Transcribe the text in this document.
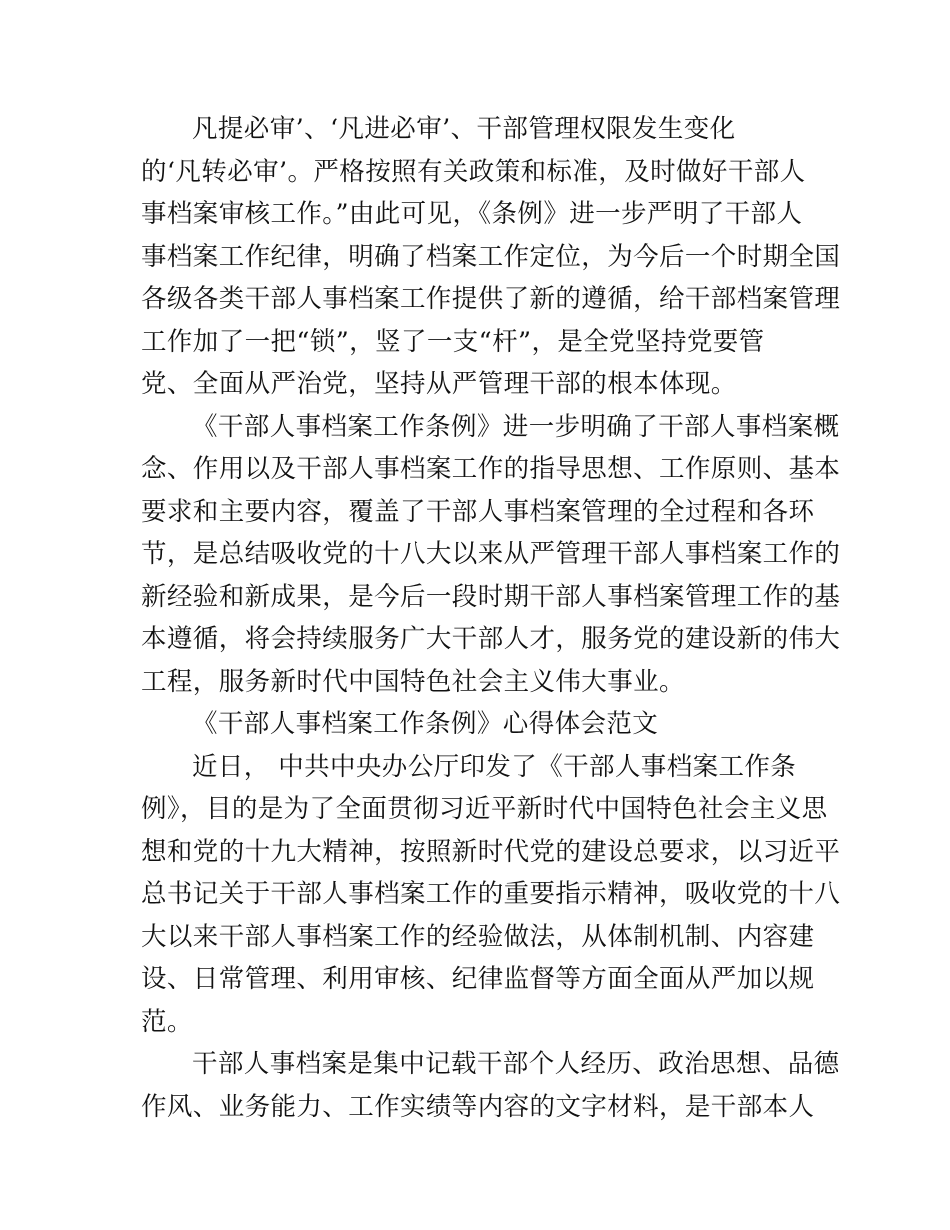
凡提必审’、‘凡进必审’、干部管理权限发生变化
的‘凡转必审’。严格按照有关政策和标准，及时做好干部人
事档案审核工作。”由此可见，《条例》进一步严明了干部人
事档案工作纪律，明确了档案工作定位，为今后一个时期全国
各级各类干部人事档案工作提供了新的遵循，给干部档案管理
工作加了一把“锁”，竖了一支“杆”，是全党坚持党要管
党、全面从严治党，坚持从严管理干部的根本体现。
《干部人事档案工作条例》进一步明确了干部人事档案概
念、作用以及干部人事档案工作的指导思想、工作原则、基本
要求和主要内容，覆盖了干部人事档案管理的全过程和各环
节，是总结吸收党的十八大以来从严管理干部人事档案工作的
新经验和新成果，是今后一段时期干部人事档案管理工作的基
本遵循，将会持续服务广大干部人才，服务党的建设新的伟大
工程，服务新时代中国特色社会主义伟大事业。
《干部人事档案工作条例》心得体会范文
近日， 中共中央办公厅印发了《干部人事档案工作条
例》，目的是为了全面贯彻习近平新时代中国特色社会主义思
想和党的十九大精神，按照新时代党的建设总要求，以习近平
总书记关于干部人事档案工作的重要指示精神，吸收党的十八
大以来干部人事档案工作的经验做法，从体制机制、内容建
设、日常管理、利用审核、纪律监督等方面全面从严加以规
范。
干部人事档案是集中记载干部个人经历、政治思想、品德
作风、业务能力、工作实绩等内容的文字材料，是干部本人
